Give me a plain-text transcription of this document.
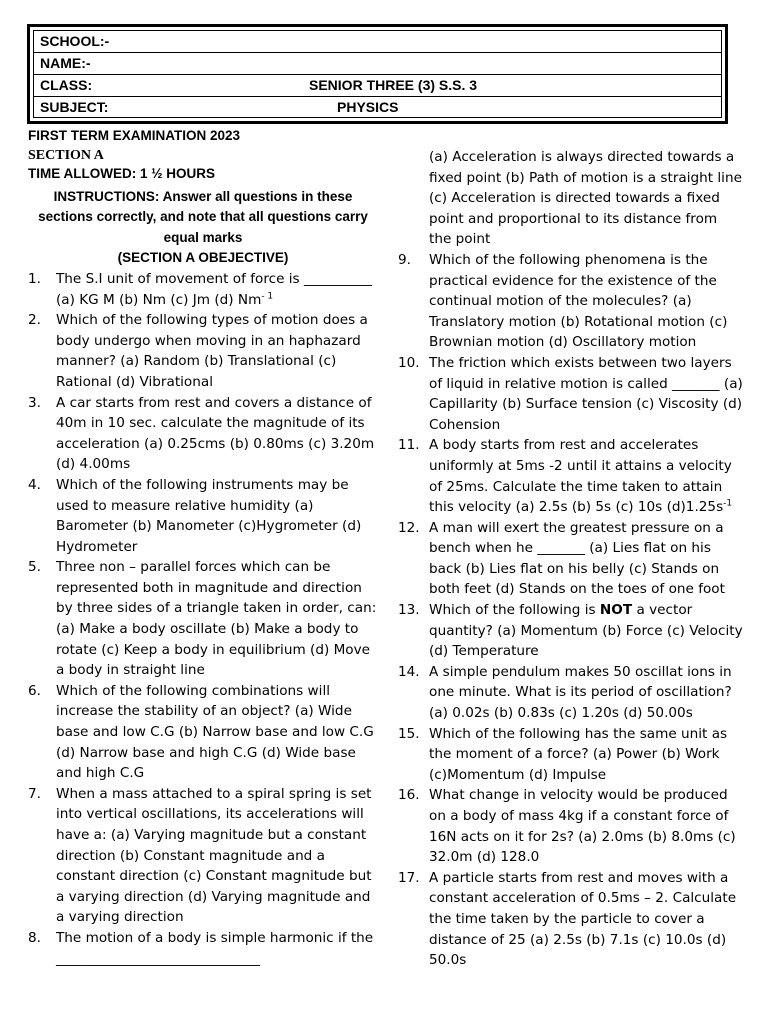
SCHOOL:-
NAME:-
CLASS:	SENIOR THREE (3) S.S. 3
SUBJECT:	PHYSICS
FIRST TERM EXAMINATION 2023
SECTION A
TIME ALLOWED: 1 ½ HOURS
INSTRUCTIONS: Answer all questions in these sections correctly, and note that all questions carry equal marks
(SECTION A OBEJECTIVE)
1. The S.I unit of movement of force is __________ (a) KG M (b) Nm (c) Jm (d) $Nm^{- 1}$
2. Which of the following types of motion does a body undergo when moving in an haphazard manner? (a) Random (b) Translational (c) Rational (d) Vibrational
3. A car starts from rest and covers a distance of 40m in 10 sec. calculate the magnitude of its acceleration (a) 0.25cms (b) 0.80ms (c) 3.20m (d) 4.00ms
4. Which of the following instruments may be used to measure relative humidity (a) Barometer (b) Manometer (c)Hygrometer (d) Hydrometer
5. Three non – parallel forces which can be represented both in magnitude and direction by three sides of a triangle taken in order, can: (a) Make a body oscillate (b) Make a body to rotate (c) Keep a body in equilibrium (d) Move a body in straight line
6. Which of the following combinations will increase the stability of an object? (a) Wide base and low C.G (b) Narrow base and low C.G (d) Narrow base and high C.G (d) Wide base and high C.G
7. When a mass attached to a spiral spring is set into vertical oscillations, its accelerations will have a: (a) Varying magnitude but a constant direction (b) Constant magnitude and a constant direction (c) Constant magnitude but a varying direction (d) Varying magnitude and a varying direction
8. The motion of a body is simple harmonic if the ______________________________
(a) Acceleration is always directed towards a fixed point (b) Path of motion is a straight line (c) Acceleration is directed towards a fixed point and proportional to its distance from the point
9. Which of the following phenomena is the practical evidence for the existence of the continual motion of the molecules? (a) Translatory motion (b) Rotational motion (c) Brownian motion (d) Oscillatory motion
10. The friction which exists between two layers of liquid in relative motion is called _______ (a) Capillarity (b) Surface tension (c) Viscosity (d) Cohension
11. A body starts from rest and accelerates uniformly at 5ms -2 until it attains a velocity of 25ms. Calculate the time taken to attain this velocity (a) 2.5s (b) 5s (c) 10s $(d)1.25s^{-1}$
12. A man will exert the greatest pressure on a bench when he _______ (a) Lies flat on his back (b) Lies flat on his belly (c) Stands on both feet (d) Stands on the toes of one foot
13. Which of the following is NOT a vector quantity? (a) Momentum (b) Force (c) Velocity (d) Temperature
14. A simple pendulum makes 50 oscillat ions in one minute. What is its period of oscillation? (a) 0.02s (b) 0.83s (c) 1.20s (d) 50.00s
15. Which of the following has the same unit as the moment of a force? (a) Power (b) Work (c)Momentum (d) Impulse
16. What change in velocity would be produced on a body of mass 4kg if a constant force of 16N acts on it for 2s? (a) 2.0ms (b) 8.0ms (c) 32.0m (d) 128.0
17. A particle starts from rest and moves with a constant acceleration of 0.5ms – 2. Calculate the time taken by the particle to cover a distance of 25 (a) 2.5s (b) 7.1s (c) 10.0s (d) 50.0s
